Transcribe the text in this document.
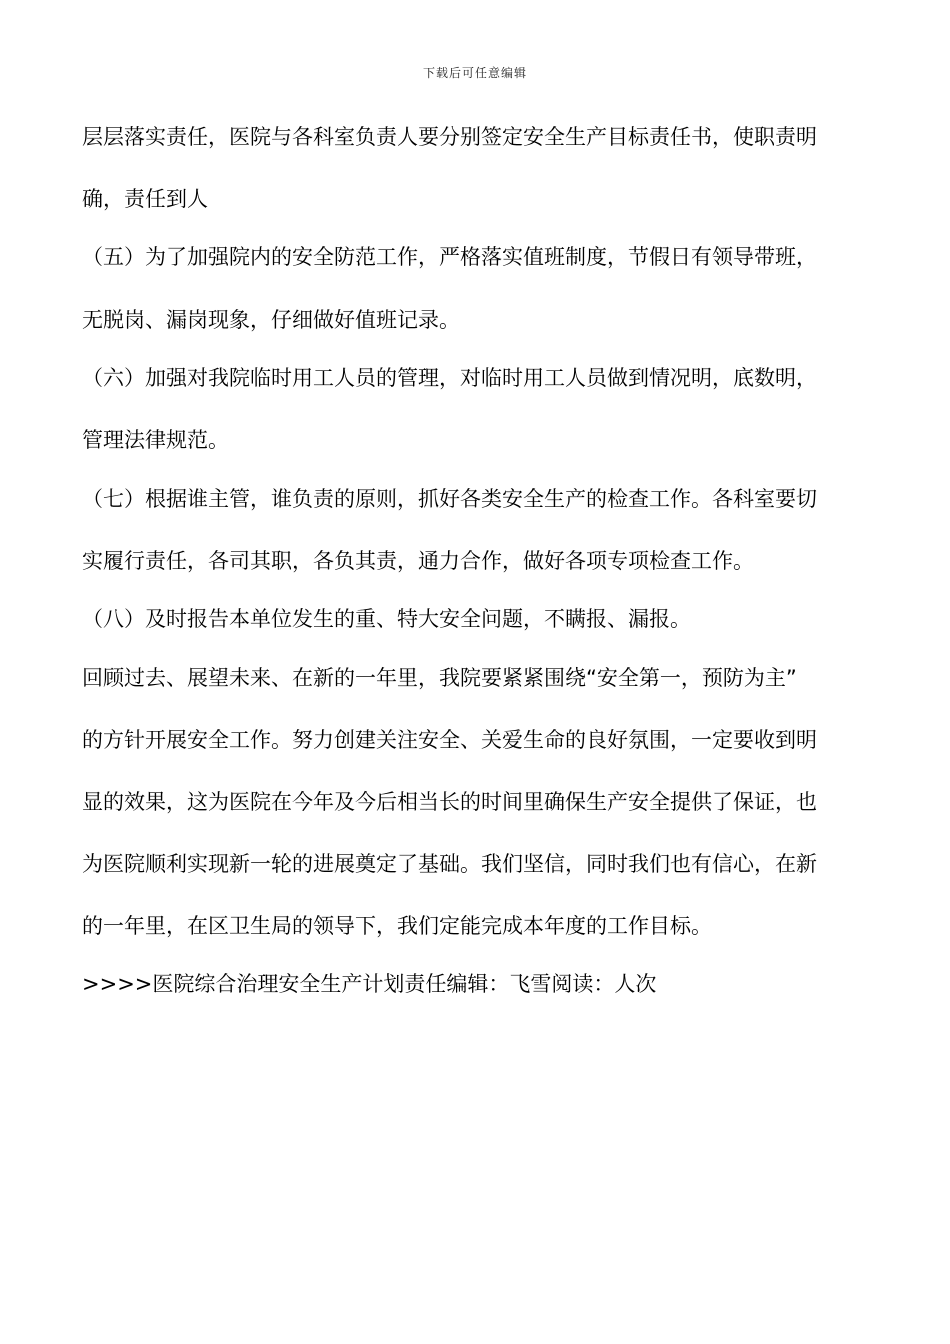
下载后可任意编辑
层层落实责任，医院与各科室负责人要分别签定安全生产目标责任书，使职责明
确，责任到人
（五）为了加强院内的安全防范工作，严格落实值班制度，节假日有领导带班，
无脱岗、漏岗现象，仔细做好值班记录。
（六）加强对我院临时用工人员的管理，对临时用工人员做到情况明，底数明，
管理法律规范。
（七）根据谁主管，谁负责的原则，抓好各类安全生产的检查工作。各科室要切
实履行责任，各司其职，各负其责，通力合作，做好各项专项检查工作。
（八）及时报告本单位发生的重、特大安全问题，不瞒报、漏报。
回顾过去、展望未来、在新的一年里，我院要紧紧围绕“安全第一，预防为主”
的方针开展安全工作。努力创建关注安全、关爱生命的良好氛围，一定要收到明
显的效果，这为医院在今年及今后相当长的时间里确保生产安全提供了保证，也
为医院顺利实现新一轮的进展奠定了基础。我们坚信，同时我们也有信心，在新
的一年里，在区卫生局的领导下，我们定能完成本年度的工作目标。
>>>>医院综合治理安全生产计划责任编辑：飞雪阅读：人次
